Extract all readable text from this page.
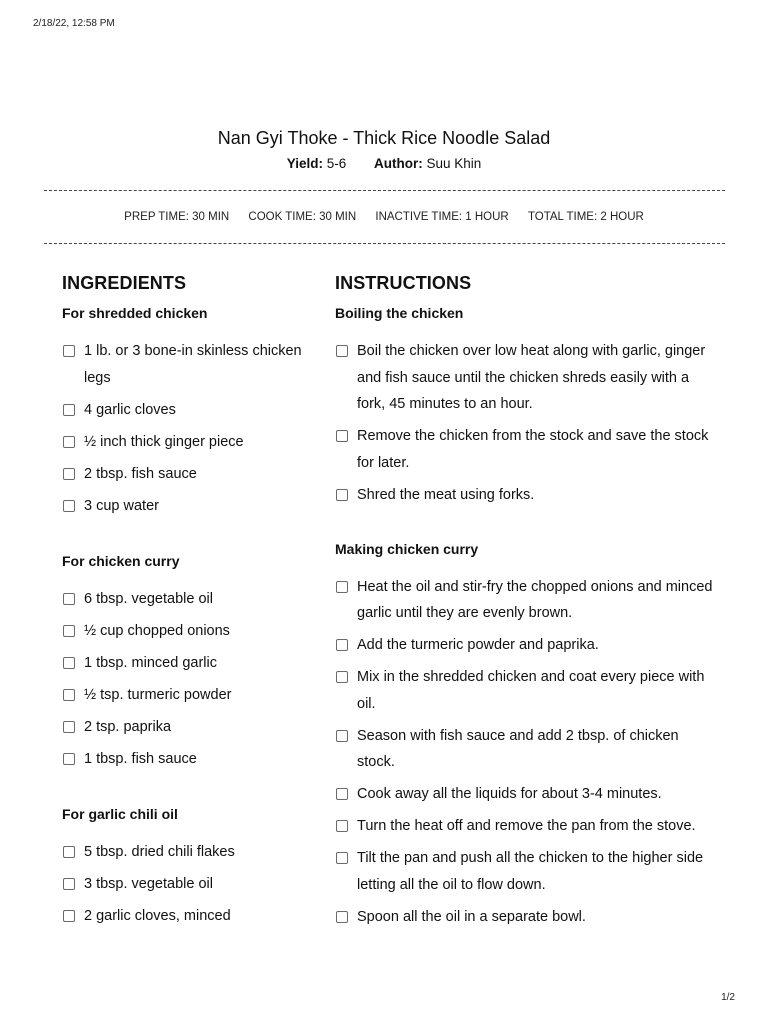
2/18/22, 12:58 PM
Nan Gyi Thoke - Thick Rice Noodle Salad
Yield: 5-6 Author: Suu Khin
PREP TIME: 30 MIN COOK TIME: 30 MIN INACTIVE TIME: 1 HOUR TOTAL TIME: 2 HOUR
INGREDIENTS
For shredded chicken
1 lb. or 3 bone-in skinless chicken legs
4 garlic cloves
½ inch thick ginger piece
2 tbsp. fish sauce
3 cup water
For chicken curry
6 tbsp. vegetable oil
½ cup chopped onions
1 tbsp. minced garlic
½ tsp. turmeric powder
2 tsp. paprika
1 tbsp. fish sauce
For garlic chili oil
5 tbsp. dried chili flakes
3 tbsp. vegetable oil
2 garlic cloves, minced
INSTRUCTIONS
Boiling the chicken
Boil the chicken over low heat along with garlic, ginger and fish sauce until the chicken shreds easily with a fork, 45 minutes to an hour.
Remove the chicken from the stock and save the stock for later.
Shred the meat using forks.
Making chicken curry
Heat the oil and stir-fry the chopped onions and minced garlic until they are evenly brown.
Add the turmeric powder and paprika.
Mix in the shredded chicken and coat every piece with oil.
Season with fish sauce and add 2 tbsp. of chicken stock.
Cook away all the liquids for about 3-4 minutes.
Turn the heat off and remove the pan from the stove.
Tilt the pan and push all the chicken to the higher side letting all the oil to flow down.
Spoon all the oil in a separate bowl.
1/2
